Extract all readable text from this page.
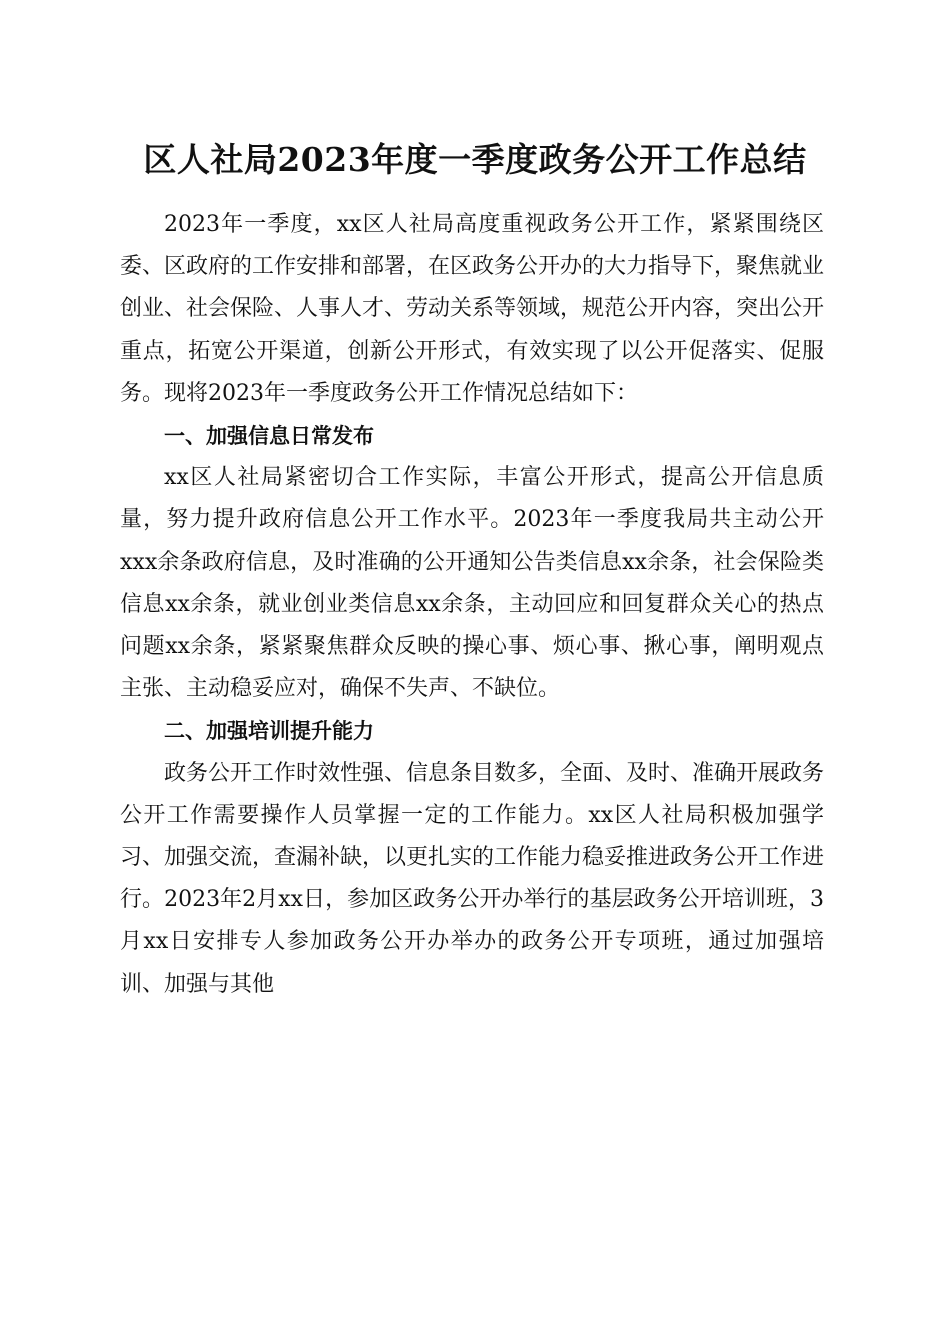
区人社局2023年度一季度政务公开工作总结

2023年一季度，xx区人社局高度重视政务公开工作，紧紧围绕区委、区政府的工作安排和部署，在区政务公开办的大力指导下，聚焦就业创业、社会保险、人事人才、劳动关系等领域，规范公开内容，突出公开重点，拓宽公开渠道，创新公开形式，有效实现了以公开促落实、促服务。现将2023年一季度政务公开工作情况总结如下：

一、加强信息日常发布

xx区人社局紧密切合工作实际，丰富公开形式，提高公开信息质量，努力提升政府信息公开工作水平。2023年一季度我局共主动公开xxx余条政府信息，及时准确的公开通知公告类信息xx余条，社会保险类信息xx余条，就业创业类信息xx余条，主动回应和回复群众关心的热点问题xx余条，紧紧聚焦群众反映的操心事、烦心事、揪心事，阐明观点主张、主动稳妥应对，确保不失声、不缺位。

二、加强培训提升能力

政务公开工作时效性强、信息条目数多，全面、及时、准确开展政务公开工作需要操作人员掌握一定的工作能力。xx区人社局积极加强学习、加强交流，查漏补缺，以更扎实的工作能力稳妥推进政务公开工作进行。2023年2月xx日，参加区政务公开办举行的基层政务公开培训班，3月xx日安排专人参加政务公开办举办的政务公开专项班，通过加强培训、加强与其他
